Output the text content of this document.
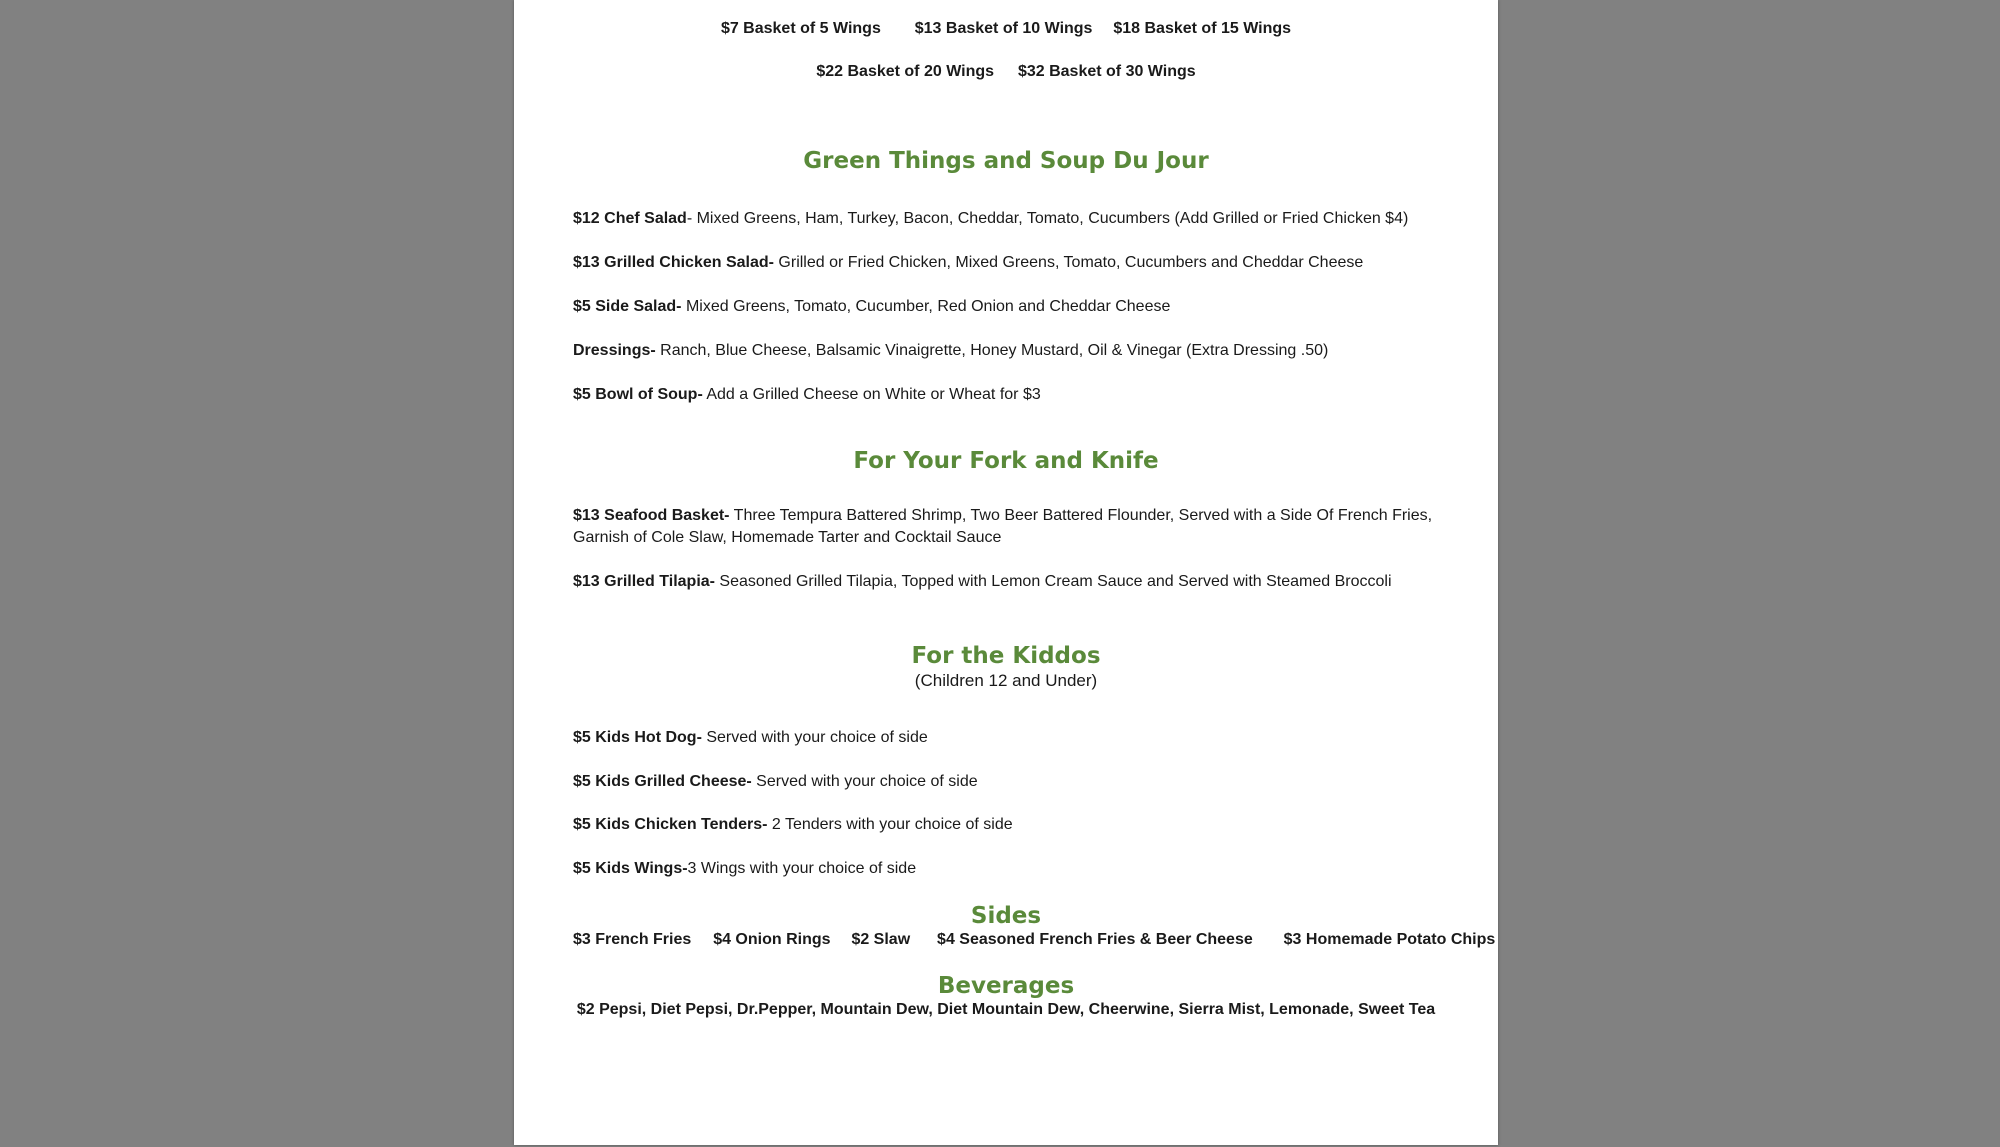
$7 Basket of 5 Wings $13 Basket of 10 Wings $18 Basket of 15 Wings
$22 Basket of 20 Wings $32 Basket of 30 Wings
Green Things and Soup Du Jour
$12 Chef Salad- Mixed Greens, Ham, Turkey, Bacon, Cheddar, Tomato, Cucumbers (Add Grilled or Fried Chicken $4)
$13 Grilled Chicken Salad- Grilled or Fried Chicken, Mixed Greens, Tomato, Cucumbers and Cheddar Cheese
$5 Side Salad- Mixed Greens, Tomato, Cucumber, Red Onion and Cheddar Cheese
Dressings- Ranch, Blue Cheese, Balsamic Vinaigrette, Honey Mustard, Oil & Vinegar (Extra Dressing .50)
$5 Bowl of Soup- Add a Grilled Cheese on White or Wheat for $3
For Your Fork and Knife
$13 Seafood Basket- Three Tempura Battered Shrimp, Two Beer Battered Flounder, Served with a Side Of French Fries, Garnish of Cole Slaw, Homemade Tarter and Cocktail Sauce
$13 Grilled Tilapia- Seasoned Grilled Tilapia, Topped with Lemon Cream Sauce and Served with Steamed Broccoli
For the Kiddos
(Children 12 and Under)
$5 Kids Hot Dog- Served with your choice of side
$5 Kids Grilled Cheese- Served with your choice of side
$5 Kids Chicken Tenders- 2 Tenders with your choice of side
$5 Kids Wings-3 Wings with your choice of side
Sides
$3 French Fries $4 Onion Rings $2 Slaw $4 Seasoned French Fries & Beer Cheese $3 Homemade Potato Chips
Beverages
$2 Pepsi, Diet Pepsi, Dr.Pepper, Mountain Dew, Diet Mountain Dew, Cheerwine, Sierra Mist, Lemonade, Sweet Tea
